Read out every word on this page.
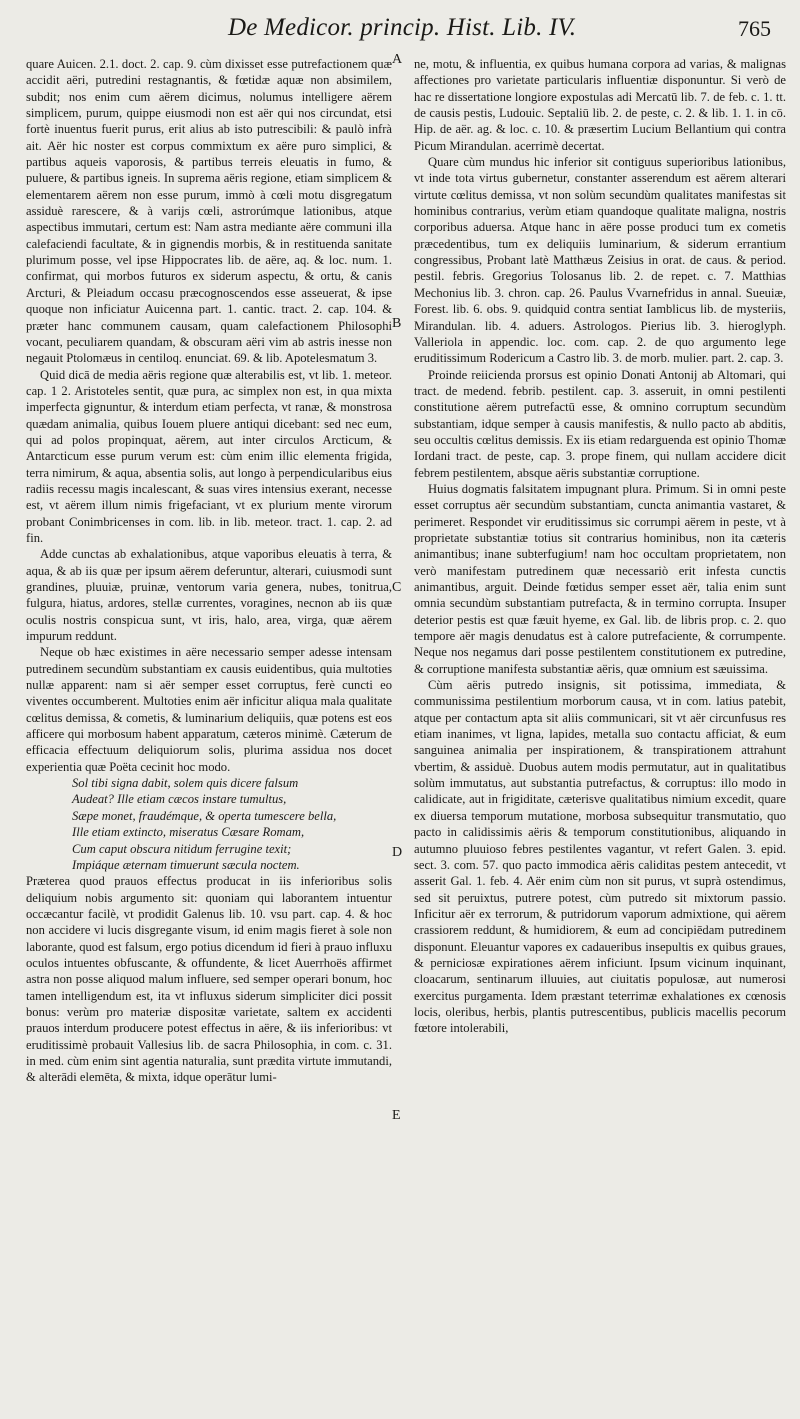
De Medicor. princip. Hist. Lib. IV.	765

quare Auicen. 2.1. doct. 2. cap. 9. cùm dixisset esse putrefactionem quæ accidit aëri, putredini restagnantis, & fœtidæ aquæ non absimilem, subdit; nos enim cum aërem dicimus, nolumus intelligere aërem simplicem, purum, quippe eiusmodi non est aër qui nos circundat, etsi fortè inuentus fuerit purus, erit alius ab isto putrescibili: & paulò infrà ait. Aër hic noster est corpus commixtum ex aëre puro simplici, & partibus aqueis vaporosis, & partibus terreis eleuatis in fumo, & puluere, & partibus igneis. In suprema aëris regione, etiam simplicem & elementarem aërem non esse purum, immò à cœli motu disgregatum assiduè rarescere, & à varijs cœli, astrorúmque lationibus, atque aspectibus immutari, certum est: Nam astra mediante aëre communi illa calefaciendi facultate, & in gignendis morbis, & in restituenda sanitate plurimum posse, vel ipse Hippocrates lib. de aëre, aq. & loc. num. 1. confirmat, qui morbos futuros ex siderum aspectu, & ortu, & canis Arcturi, & Pleiadum occasu præcognoscendos esse asseuerat, & ipse quoque non inficiatur Auicenna part. 1. cantic. tract. 2. cap. 104. & præter hanc communem causam, quam calefactionem Philosophi vocant, peculiarem quandam, & obscuram aëri vim ab astris inesse non negauit Ptolomæus in centiloq. enunciat. 69. & lib. Apotelesmatum 3.

Quid dicā de media aëris regione quæ alterabilis est, vt lib. 1. meteor. cap. 1 2. Aristoteles sentit, quæ pura, ac simplex non est, in qua mixta imperfecta gignuntur, & interdum etiam perfecta, vt ranæ, & monstrosa quædam animalia, quibus Iouem pluere antiqui dicebant: sed nec eum, qui ad polos propinquat, aërem, aut inter circulos Arcticum, & Antarcticum esse purum verum est: cùm enim illic elementa frigida, terra nimirum, & aqua, absentia solis, aut longo à perpendicularibus eius radiis recessu magis incalescant, & suas vires intensius exerant, necesse est, vt aërem illum nimis frigefaciant, vt ex plurium mente virorum probant Conimbricenses in com. lib. in lib. meteor. tract. 1. cap. 2. ad fin.

Adde cunctas ab exhalationibus, atque vaporibus eleuatis à terra, & aqua, & ab iis quæ per ipsum aërem deferuntur, alterari, cuiusmodi sunt grandines, pluuiæ, pruinæ, ventorum varia genera, nubes, tonitrua, fulgura, hiatus, ardores, stellæ currentes, voragines, necnon ab iis quæ oculis nostris conspicua sunt, vt iris, halo, area, virga, quæ aërem impurum reddunt.

Neque ob hæc existimes in aëre necessario semper adesse intensam putredinem secundùm substantiam ex causis euidentibus, quia multoties nullæ apparent: nam si aër semper esset corruptus, ferè cuncti eo viventes occumberent. Multoties enim aër inficitur aliqua mala qualitate cœlitus demissa, & cometis, & luminarium deliquiis, quæ potens est eos afficere qui morbosum habent apparatum, cæteros minimè. Cæterum de efficacia effectuum deliquiorum solis, plurima assidua nos docet experientia quæ Poëta cecinit hoc modo.

Sol tibi signa dabit, solem quis dicere falsum
Audeat? Ille etiam cæcos instare tumultus,
Sæpe monet, fraudémque, & operta tumescere bella,
Ille etiam extincto, miseratus Cæsare Romam,
Cum caput obscura nitidum ferrugine texit;
Impiáque æternam timuerunt sæcula noctem.

Præterea quod prauos effectus producat in iis inferioribus solis deliquium nobis argumento sit: quoniam qui laborantem intuentur occæcantur facilè, vt prodidit Galenus lib. 10. vsu part. cap. 4. & hoc non accidere vi lucis disgregante visum, id enim magis fieret à sole non laborante, quod est falsum, ergo potius dicendum id fieri à prauo influxu oculos intuentes obfuscante, & offundente, & licet Auerrhoës affirmet astra non posse aliquod malum influere, sed semper operari bonum, hoc tamen intelligendum est, ita vt influxus siderum simpliciter dici possit bonus: verùm pro materiæ dispositæ varietate, saltem ex accidenti prauos interdum producere potest effectus in aëre, & iis inferioribus: vt eruditissimè probauit Vallesius lib. de sacra Philosophia, in com. c. 31. in med. cùm enim sint agentia naturalia, sunt prædita virtute immutandi, & alterādi elemēta, & mixta, idque operātur lumi-

A
B
C
D
E

ne, motu, & influentia, ex quibus humana corpora ad varias, & malignas affectiones pro varietate particularis influentiæ disponuntur. Si verò de hac re dissertatione longiore expostulas adi Mercatū lib. 7. de feb. c. 1. tt. de causis pestis, Ludouic. Septaliū lib. 2. de peste, c. 2. & lib. 1. 1. in cō. Hip. de aër. ag. & loc. c. 10. & præsertim Lucium Bellantium qui contra Picum Mirandulan. acerrimè decertat.

Quare cùm mundus hic inferior sit contiguus superioribus lationibus, vt inde tota virtus gubernetur, constanter asserendum est aërem alterari virtute cœlitus demissa, vt non solùm secundùm qualitates manifestas sit hominibus contrarius, verùm etiam quandoque qualitate maligna, nostris corporibus aduersa. Atque hanc in aëre posse produci tum ex cometis præcedentibus, tum ex deliquiis luminarium, & siderum errantium congressibus, Probant latè Matthæus Zeisius in orat. de caus. & period. pestil. febris. Gregorius Tolosanus lib. 2. de repet. c. 7. Matthias Mechonius lib. 3. chron. cap. 26. Paulus Vvarnefridus in annal. Sueuiæ, Forest. lib. 6. obs. 9. quidquid contra sentiat Iamblicus lib. de mysteriis, Mirandulan. lib. 4. aduers. Astrologos. Pierius lib. 3. hieroglyph. Valleriola in appendic. loc. com. cap. 2. de quo argumento lege eruditissimum Rodericum a Castro lib. 3. de morb. mulier. part. 2. cap. 3.

Proinde reiicienda prorsus est opinio Donati Antonij ab Altomari, qui tract. de medend. febrib. pestilent. cap. 3. asseruit, in omni pestilenti constitutione aërem putrefactū esse, & omnino corruptum secundùm substantiam, idque semper à causis manifestis, & nullo pacto ab abditis, seu occultis cœlitus demissis. Ex iis etiam redarguenda est opinio Thomæ Iordani tract. de peste, cap. 3. prope finem, qui nullam accidere dicit febrem pestilentem, absque aëris substantiæ corruptione.

Huius dogmatis falsitatem impugnant plura. Primum. Si in omni peste esset corruptus aër secundùm substantiam, cuncta animantia vastaret, & perimeret. Respondet vir eruditissimus sic corrumpi aërem in peste, vt à proprietate substantiæ totius sit contrarius hominibus, non ita cæteris animantibus; inane subterfugium! nam hoc occultam proprietatem, non verò manifestam putredinem quæ necessariò erit infesta cunctis animantibus, arguit. Deinde fœtidus semper esset aër, talia enim sunt omnia secundùm substantiam putrefacta, & in termino corrupta. Insuper deterior pestis est quæ fæuit hyeme, ex Gal. lib. de libris prop. c. 2. quo tempore aër magis denudatus est à calore putrefaciente, & corrumpente. Neque nos negamus dari posse pestilentem constitutionem ex putredine, & corruptione manifesta substantiæ aëris, quæ omnium est sæuissima.

Cùm aëris putredo insignis, sit potissima, immediata, & communissima pestilentium morborum causa, vt in com. latius patebit, atque per contactum apta sit aliis communicari, sit vt aër circunfusus res etiam inanimes, vt ligna, lapides, metalla suo contactu afficiat, & eum sanguinea animalia per inspirationem, & transpirationem attrahunt vbertim, & assiduè. Duobus autem modis permutatur, aut in qualitatibus solùm immutatus, aut substantia putrefactus, & corruptus: illo modo in calidicate, aut in frigiditate, cæterisve qualitatibus nimium excedit, quare ex diuersa temporum mutatione, morbosa subsequitur transmutatio, quo pacto in calidissimis aëris & temporum constitutionibus, aliquando in autumno pluuioso febres pestilentes vagantur, vt refert Galen. 3. epid. sect. 3. com. 57. quo pacto immodica aëris caliditas pestem antecedit, vt asserit Gal. 1. feb. 4. Aër enim cùm non sit purus, vt suprà ostendimus, sed sit peruixtus, putrere potest, cùm putredo sit mixtorum passio. Inficitur aër ex terrorum, & putridorum vaporum admixtione, qui aërem crassiorem reddunt, & humidiorem, & eum ad concipiēdam putredinem disponunt. Eleuantur vapores ex cadaueribus insepultis ex quibus graues, & perniciosæ expirationes aërem inficiunt. Ipsum vicinum inquinant, cloacarum, sentinarum illuuies, aut ciuitatis populosæ, aut numerosi exercitus purgamenta. Idem præstant teterrimæ exhalationes ex cœnosis locis, oleribus, herbis, plantis putrescentibus, publicis macellis pecorum fœtore intolerabili,
